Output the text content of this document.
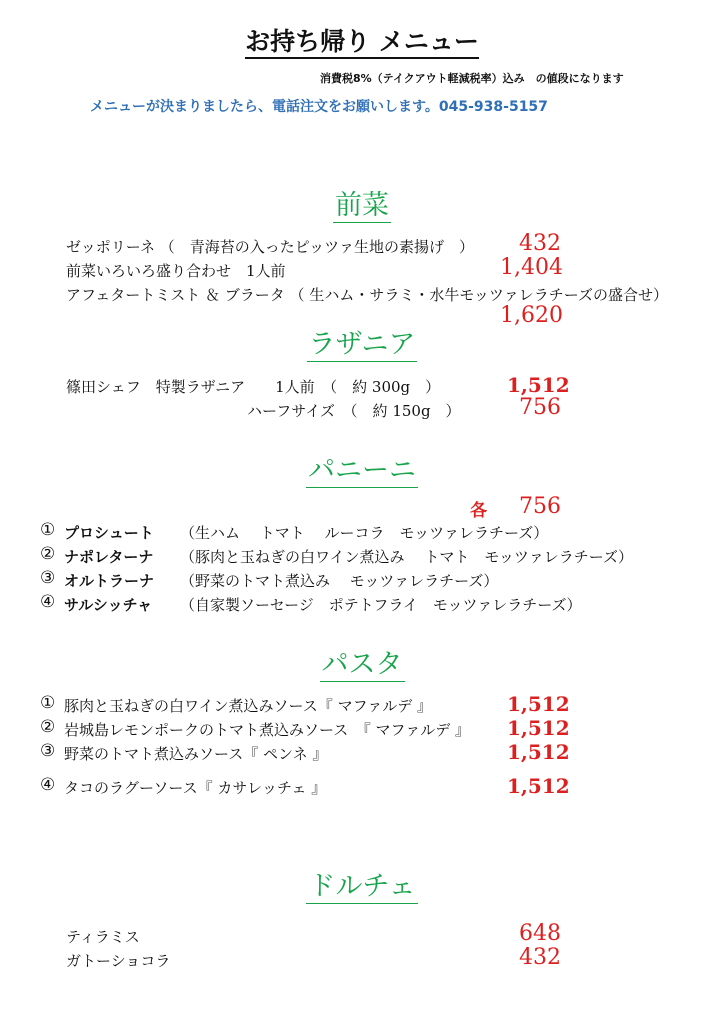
お持ち帰り メニュー
消費税8%（テイクアウト軽減税率）込み　の値段になります
メニューが決まりましたら、電話注文をお願いします。045-938-5157
前菜
ゼッポリーネ （　青海苔の入ったピッツァ生地の素揚げ　） 432
前菜いろいろ盛り合わせ　1人前	1,404
アフェタートミスト ＆ ブラータ （ 生ハム・サラミ・水牛モッツァレラチーズの盛合せ）
1,620
ラザニア
篠田シェフ　特製ラザニア　　1人前　（　約 300g　）	1,512
ハーフサイズ　（　約 150g　）	756
パニーニ
各 756
① プロシュート （生ハム　 トマト　 ルーコラ　モッツァレラチーズ）
② ナポレターナ （豚肉と玉ねぎの白ワイン煮込み　 トマト　モッツァレラチーズ）
③ オルトラーナ （野菜のトマト煮込み　 モッツァレラチーズ）
④ サルシッチャ （自家製ソーセージ　ポテトフライ　モッツァレラチーズ）
パスタ
① 豚肉と玉ねぎの白ワイン煮込みソース『 マファルデ 』	1,512
② 岩城島レモンポークのトマト煮込みソース　『 マファルデ 』 1,512
③ 野菜のトマト煮込みソース『 ペンネ 』	1,512
④ タコのラグーソース『 カサレッチェ 』	1,512
ドルチェ
ティラミス	648
ガトーショコラ	432
